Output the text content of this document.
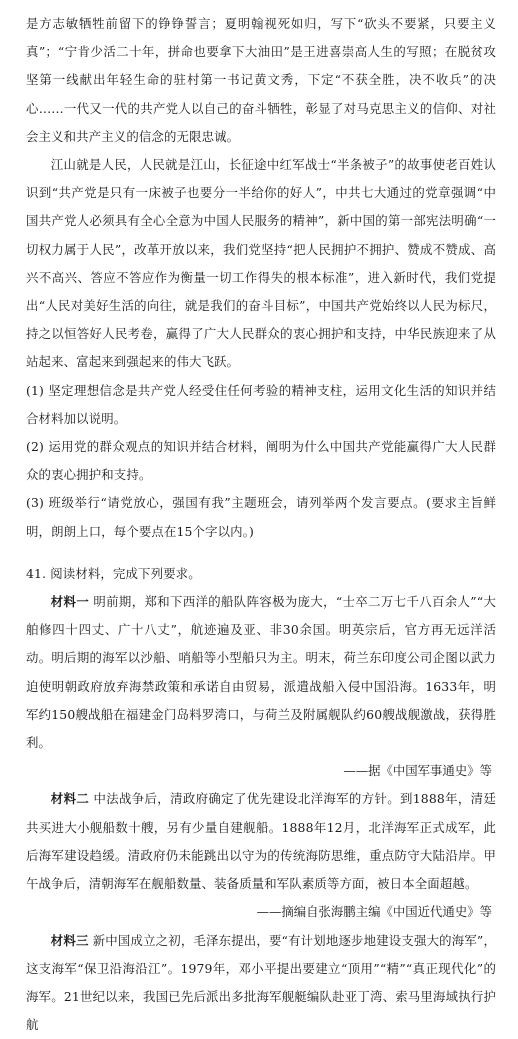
是方志敏牺牲前留下的铮铮誓言；夏明翰视死如归，写下“砍头不要紧，只要主义真”；“宁肯少活二十年，拼命也要拿下大油田”是王进喜崇高人生的写照；在脱贫攻坚第一线献出年轻生命的驻村第一书记黄文秀，下定“不获全胜，决不收兵”的决心……一代又一代的共产党人以自己的奋斗牺牲，彰显了对马克思主义的信仰、对社会主义和共产主义的信念的无限忠诚。

江山就是人民，人民就是江山，长征途中红军战士“半条被子”的故事使老百姓认识到“共产党是只有一床被子也要分一半给你的好人”，中共七大通过的党章强调“中国共产党人必须具有全心全意为中国人民服务的精神”，新中国的第一部宪法明确“一切权力属于人民”，改革开放以来，我们党坚持“把人民拥护不拥护、赞成不赞成、高兴不高兴、答应不答应作为衡量一切工作得失的根本标准”，进入新时代，我们党提出“人民对美好生活的向往，就是我们的奋斗目标”，中国共产党始终以人民为标尺，持之以恒答好人民考卷，赢得了广大人民群众的衷心拥护和支持，中华民族迎来了从站起来、富起来到强起来的伟大飞跃。

(1) 坚定理想信念是共产党人经受住任何考验的精神支柱，运用文化生活的知识并结合材料加以说明。

(2) 运用党的群众观点的知识并结合材料，阐明为什么中国共产党能赢得广大人民群众的衷心拥护和支持。

(3) 班级举行“请党放心，强国有我”主题班会，请列举两个发言要点。(要求主旨鲜明，朗朗上口，每个要点在15个字以内。)

41. 阅读材料，完成下列要求。

材料一 明前期，郑和下西洋的船队阵容极为庞大，“士卒二万七千八百余人”“大舶修四十四丈、广十八丈”，航迹遍及亚、非30余国。明英宗后，官方再无远洋活动。明后期的海军以沙船、哨船等小型船只为主。明末，荷兰东印度公司企图以武力迫使明朝政府放弃海禁政策和承诺自由贸易，派遣战船入侵中国沿海。1633年，明军约150艘战船在福建金门岛料罗湾口，与荷兰及附属舰队约60艘战舰激战，获得胜利。

——据《中国军事通史》等

材料二 中法战争后，清政府确定了优先建设北洋海军的方针。到1888年，清廷共买进大小舰船数十艘，另有少量自建舰船。1888年12月，北洋海军正式成军，此后海军建设趋缓。清政府仍未能跳出以守为的传统海防思维，重点防守大陆沿岸。甲午战争后，清朝海军在舰船数量、装备质量和军队素质等方面，被日本全面超越。

——摘编自张海鹏主编《中国近代通史》等

材料三 新中国成立之初，毛泽东提出，要“有计划地逐步地建设支强大的海军”，这支海军“保卫沿海沿江”。1979年，邓小平提出要建立“顶用”“精”“真正现代化”的海军。21世纪以来，我国已先后派出多批海军舰艇编队赴亚丁湾、索马里海域执行护航
